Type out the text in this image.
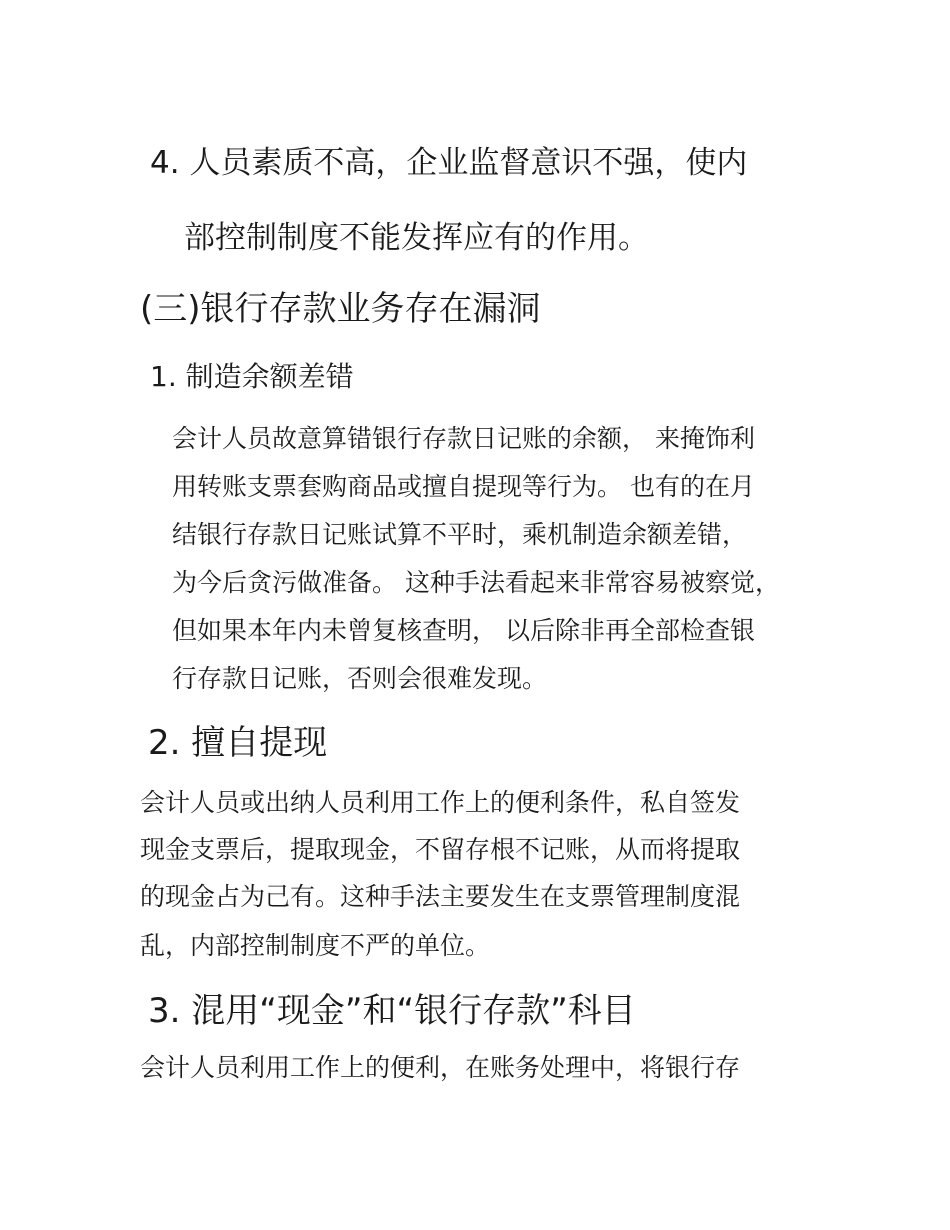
4. 人员素质不高，企业监督意识不强，使内
部控制制度不能发挥应有的作用。
(三)银行存款业务存在漏洞
1. 制造余额差错
会计人员故意算错银行存款日记账的余额， 来掩饰利
用转账支票套购商品或擅自提现等行为。 也有的在月
结银行存款日记账试算不平时，乘机制造余额差错，
为今后贪污做准备。 这种手法看起来非常容易被察觉，
但如果本年内未曾复核查明， 以后除非再全部检查银
行存款日记账，否则会很难发现。
2. 擅自提现
会计人员或出纳人员利用工作上的便利条件，私自签发
现金支票后，提取现金，不留存根不记账，从而将提取
的现金占为己有。这种手法主要发生在支票管理制度混
乱，内部控制制度不严的单位。
3. 混用“现金”和“银行存款”科目
会计人员利用工作上的便利，在账务处理中，将银行存
